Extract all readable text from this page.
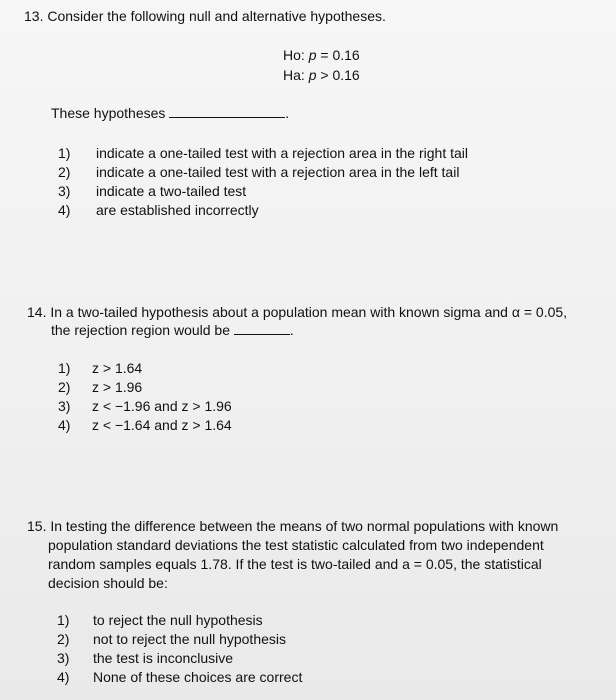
13. Consider the following null and alternative hypotheses.
Ho: p = 0.16
Ha: p > 0.16
These hypotheses	.
1) indicate a one-tailed test with a rejection area in the right tail
2) indicate a one-tailed test with a rejection area in the left tail
3) indicate a two-tailed test
4) are established incorrectly
14. In a two-tailed hypothesis about a population mean with known sigma and α = 0.05,
the rejection region would be	.
1) z > 1.64
2) z > 1.96
3) z < −1.96 and z > 1.96
4) z < −1.64 and z > 1.64
15. In testing the difference between the means of two normal populations with known
population standard deviations the test statistic calculated from two independent
random samples equals 1.78. If the test is two-tailed and a = 0.05, the statistical
decision should be:
1) to reject the null hypothesis
2) not to reject the null hypothesis
3) the test is inconclusive
4) None of these choices are correct
